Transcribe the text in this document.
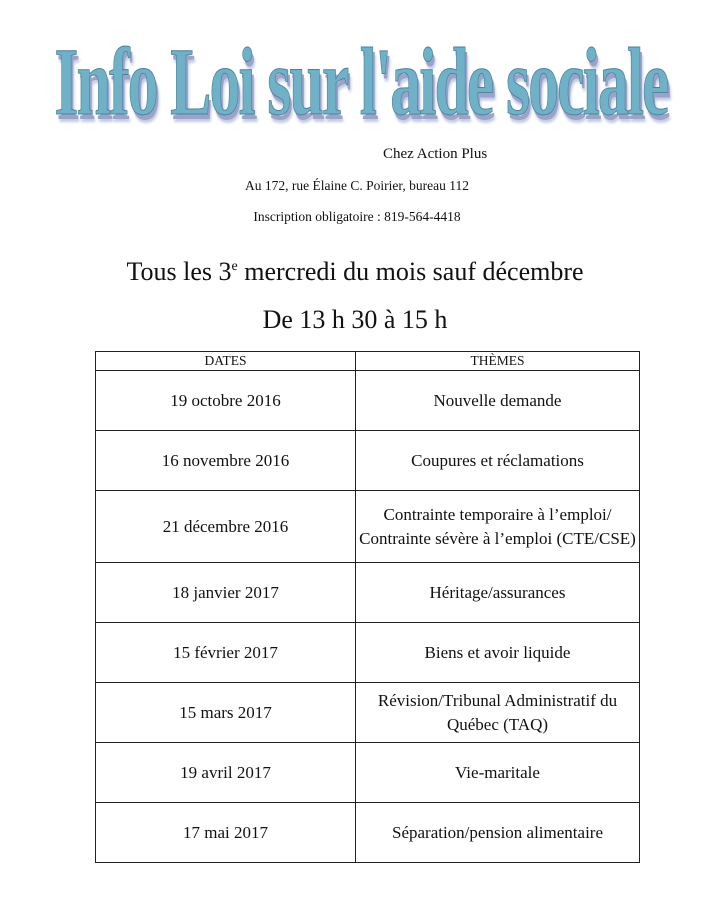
Info Loi sur l'aide sociale
Chez Action Plus
Au 172, rue Élaine C. Poirier, bureau 112
Inscription obligatoire : 819-564-4418
Tous les 3e mercredi du mois sauf décembre
De 13 h 30 à 15 h
DATES	THÈMES
19 octobre 2016	Nouvelle demande
16 novembre 2016	Coupures et réclamations
21 décembre 2016	Contrainte temporaire à l’emploi/ Contrainte sévère à l’emploi (CTE/CSE)
18 janvier 2017	Héritage/assurances
15 février 2017	Biens et avoir liquide
15 mars 2017	Révision/Tribunal Administratif du Québec (TAQ)
19 avril 2017	Vie-maritale
17 mai 2017	Séparation/pension alimentaire
